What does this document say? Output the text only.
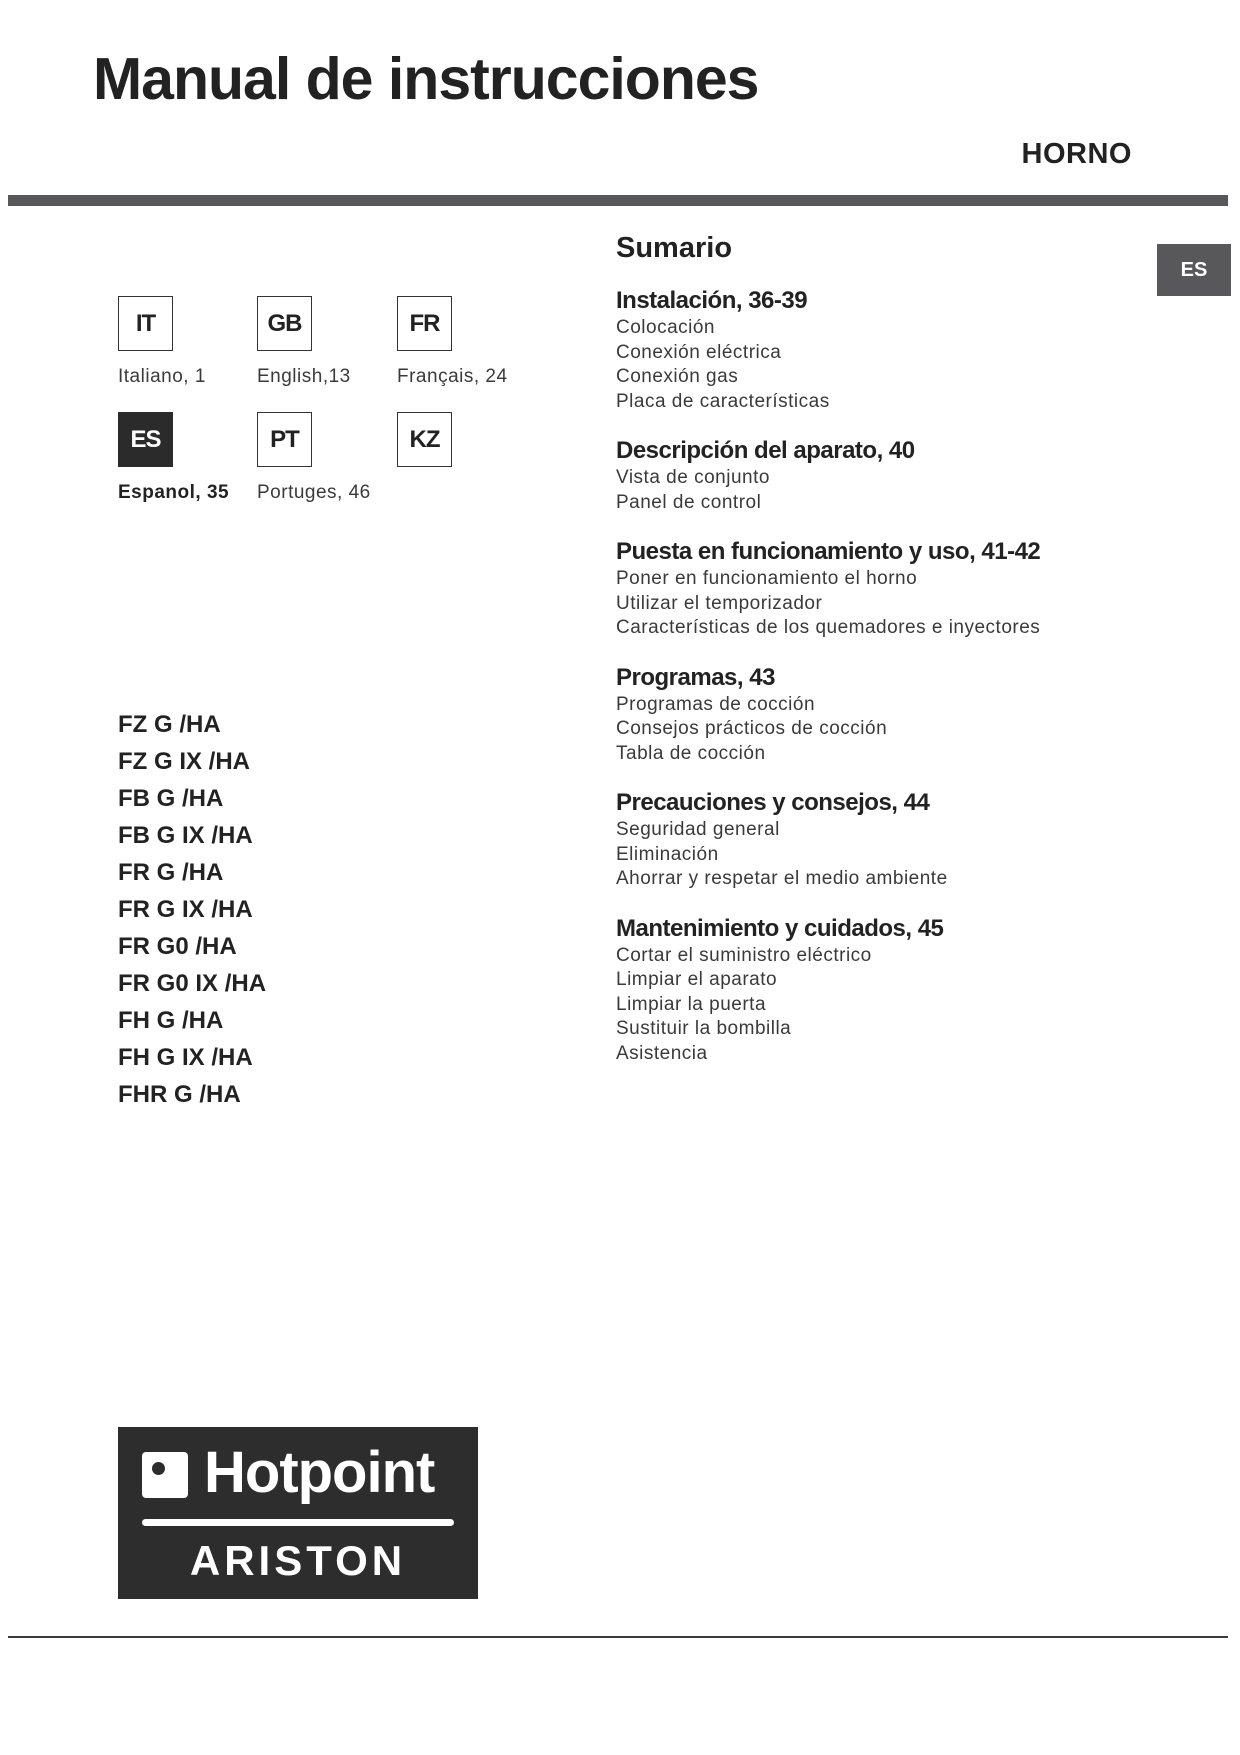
Manual de instrucciones
HORNO
ES
IT	GB	FR
ES	PT	KZ
Italiano, 1	English,13 Français, 24
Espanol, 35 Portuges, 46
FZ G /HA
FZ G IX /HA
FB G /HA
FB G IX /HA
FR G /HA
FR G IX /HA
FR G0 /HA
FR G0 IX /HA
FH G /HA
FH G IX /HA
FHR G /HA
Sumario
Instalación, 36-39
Colocación
Conexión eléctrica
Conexión gas
Placa de características
Descripción del aparato, 40
Vista de conjunto
Panel de control
Puesta en funcionamiento y uso, 41-42
Poner en funcionamiento el horno
Utilizar el temporizador
Características de los quemadores e inyectores
Programas, 43
Programas de cocción
Consejos prácticos de cocción
Tabla de cocción
Precauciones y consejos, 44
Seguridad general
Eliminación
Ahorrar y respetar el medio ambiente
Mantenimiento y cuidados, 45
Cortar el suministro eléctrico
Limpiar el aparato
Limpiar la puerta
Sustituir la bombilla
Asistencia
Hotpoint
ARISTON
